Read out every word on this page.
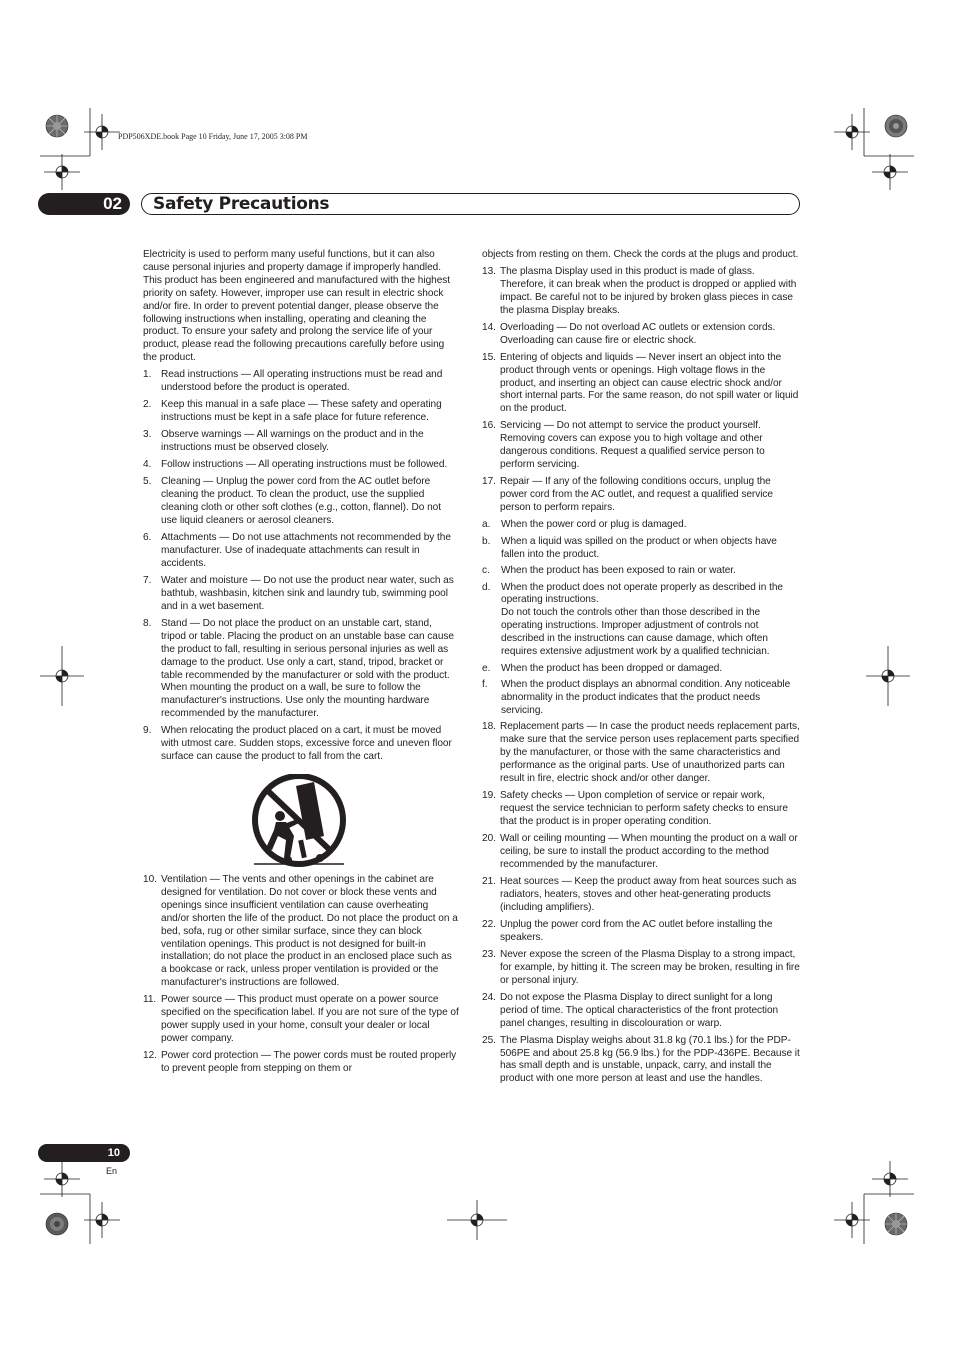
PDP506XDE.book Page 10 Friday, June 17, 2005 3:08 PM
02 Safety Precautions

Electricity is used to perform many useful functions, but it can also cause personal injuries and property damage if improperly handled. This product has been engineered and manufactured with the highest priority on safety. However, improper use can result in electric shock and/or fire. In order to prevent potential danger, please observe the following instructions when installing, operating and cleaning the product. To ensure your safety and prolong the service life of your product, please read the following precautions carefully before using the product.

1. Read instructions — All operating instructions must be read and understood before the product is operated.
2. Keep this manual in a safe place — These safety and operating instructions must be kept in a safe place for future reference.
3. Observe warnings — All warnings on the product and in the instructions must be observed closely.
4. Follow instructions — All operating instructions must be followed.
5. Cleaning — Unplug the power cord from the AC outlet before cleaning the product. To clean the product, use the supplied cleaning cloth or other soft clothes (e.g., cotton, flannel). Do not use liquid cleaners or aerosol cleaners.
6. Attachments — Do not use attachments not recommended by the manufacturer. Use of inadequate attachments can result in accidents.
7. Water and moisture — Do not use the product near water, such as bathtub, washbasin, kitchen sink and laundry tub, swimming pool and in a wet basement.
8. Stand — Do not place the product on an unstable cart, stand, tripod or table. Placing the product on an unstable base can cause the product to fall, resulting in serious personal injuries as well as damage to the product. Use only a cart, stand, tripod, bracket or table recommended by the manufacturer or sold with the product. When mounting the product on a wall, be sure to follow the manufacturer's instructions. Use only the mounting hardware recommended by the manufacturer.
9. When relocating the product placed on a cart, it must be moved with utmost care. Sudden stops, excessive force and uneven floor surface can cause the product to fall from the cart.
10. Ventilation — The vents and other openings in the cabinet are designed for ventilation. Do not cover or block these vents and openings since insufficient ventilation can cause overheating and/or shorten the life of the product. Do not place the product on a bed, sofa, rug or other similar surface, since they can block ventilation openings. This product is not designed for built-in installation; do not place the product in an enclosed place such as a bookcase or rack, unless proper ventilation is provided or the manufacturer's instructions are followed.
11. Power source — This product must operate on a power source specified on the specification label. If you are not sure of the type of power supply used in your home, consult your dealer or local power company.
12. Power cord protection — The power cords must be routed properly to prevent people from stepping on them or

objects from resting on them. Check the cords at the plugs and product.

13. The plasma Display used in this product is made of glass. Therefore, it can break when the product is dropped or applied with impact. Be careful not to be injured by broken glass pieces in case the plasma Display breaks.
14. Overloading — Do not overload AC outlets or extension cords. Overloading can cause fire or electric shock.
15. Entering of objects and liquids — Never insert an object into the product through vents or openings. High voltage flows in the product, and inserting an object can cause electric shock and/or short internal parts. For the same reason, do not spill water or liquid on the product.
16. Servicing — Do not attempt to service the product yourself. Removing covers can expose you to high voltage and other dangerous conditions. Request a qualified service person to perform servicing.
17. Repair — If any of the following conditions occurs, unplug the power cord from the AC outlet, and request a qualified service person to perform repairs.
a. When the power cord or plug is damaged.
b. When a liquid was spilled on the product or when objects have fallen into the product.
c. When the product has been exposed to rain or water.
d. When the product does not operate properly as described in the operating instructions.
Do not touch the controls other than those described in the operating instructions. Improper adjustment of controls not described in the instructions can cause damage, which often requires extensive adjustment work by a qualified technician.
e. When the product has been dropped or damaged.
f. When the product displays an abnormal condition. Any noticeable abnormality in the product indicates that the product needs servicing.
18. Replacement parts — In case the product needs replacement parts, make sure that the service person uses replacement parts specified by the manufacturer, or those with the same characteristics and performance as the original parts. Use of unauthorized parts can result in fire, electric shock and/or other danger.
19. Safety checks — Upon completion of service or repair work, request the service technician to perform safety checks to ensure that the product is in proper operating condition.
20. Wall or ceiling mounting — When mounting the product on a wall or ceiling, be sure to install the product according to the method recommended by the manufacturer.
21. Heat sources — Keep the product away from heat sources such as radiators, heaters, stoves and other heat-generating products (including amplifiers).
22. Unplug the power cord from the AC outlet before installing the speakers.
23. Never expose the screen of the Plasma Display to a strong impact, for example, by hitting it. The screen may be broken, resulting in fire or personal injury.
24. Do not expose the Plasma Display to direct sunlight for a long period of time. The optical characteristics of the front protection panel changes, resulting in discolouration or warp.
25. The Plasma Display weighs about 31.8 kg (70.1 lbs.) for the PDP-506PE and about 25.8 kg (56.9 lbs.) for the PDP-436PE. Because it has small depth and is unstable, unpack, carry, and install the product with one more person at least and use the handles.
10
En
